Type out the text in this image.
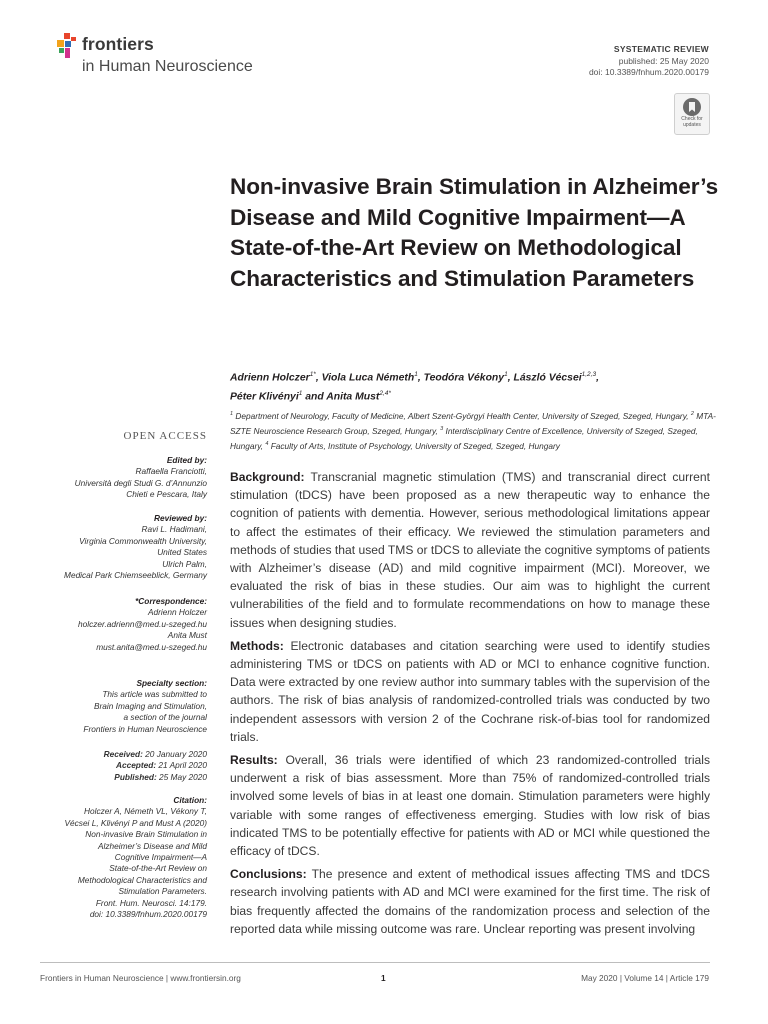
frontiers
in Human Neuroscience
SYSTEMATIC REVIEW
published: 25 May 2020
doi: 10.3389/fnhum.2020.00179
Check for
updates
Non-invasive Brain Stimulation in Alzheimer’s Disease and Mild Cognitive Impairment—A State-of-the-Art Review on Methodological Characteristics and Stimulation Parameters
Adrienn Holczer$^{1*}$, Viola Luca Németh$^1$, Teodóra Vékony$^1$, László Vécsei$^{1,2,3}$,
Péter Klivényi$^1$ and Anita Must$^{2,4*}$
$^1$ Department of Neurology, Faculty of Medicine, Albert Szent-Györgyi Health Center, University of Szeged, Szeged, Hungary, $^2$ MTA-SZTE Neuroscience Research Group, Szeged, Hungary, $^3$ Interdisciplinary Centre of Excellence, University of Szeged, Szeged, Hungary, $^4$ Faculty of Arts, Institute of Psychology, University of Szeged, Szeged, Hungary
OPEN ACCESS
Edited by:
Raffaella Franciotti,
Università degli Studi G. d’Annunzio
Chieti e Pescara, Italy
Reviewed by:
Ravi L. Hadimani,
Virginia Commonwealth University,
United States
Ulrich Palm,
Medical Park Chiemseeblick, Germany
*Correspondence:
Adrienn Holczer
holczer.adrienn@med.u-szeged.hu
Anita Must
must.anita@med.u-szeged.hu
Specialty section:
This article was submitted to
Brain Imaging and Stimulation,
a section of the journal
Frontiers in Human Neuroscience
Received: 20 January 2020
Accepted: 21 April 2020
Published: 25 May 2020
Citation:
Holczer A, Németh VL, Vékony T,
Vécsei L, Klivényi P and Must A (2020)
Non-invasive Brain Stimulation in
Alzheimer’s Disease and Mild
Cognitive Impairment—A
State-of-the-Art Review on
Methodological Characteristics and
Stimulation Parameters.
Front. Hum. Neurosci. 14:179.
doi: 10.3389/fnhum.2020.00179

Background: Transcranial magnetic stimulation (TMS) and transcranial direct current stimulation (tDCS) have been proposed as a new therapeutic way to enhance the cognition of patients with dementia. However, serious methodological limitations appear to affect the estimates of their efficacy. We reviewed the stimulation parameters and methods of studies that used TMS or tDCS to alleviate the cognitive symptoms of patients with Alzheimer’s disease (AD) and mild cognitive impairment (MCI). Moreover, we evaluated the risk of bias in these studies. Our aim was to highlight the current vulnerabilities of the field and to formulate recommendations on how to manage these issues when designing studies.

Methods: Electronic databases and citation searching were used to identify studies administering TMS or tDCS on patients with AD or MCI to enhance cognitive function. Data were extracted by one review author into summary tables with the supervision of the authors. The risk of bias analysis of randomized-controlled trials was conducted by two independent assessors with version 2 of the Cochrane risk-of-bias tool for randomized trials.

Results: Overall, 36 trials were identified of which 23 randomized-controlled trials underwent a risk of bias assessment. More than 75% of randomized-controlled trials involved some levels of bias in at least one domain. Stimulation parameters were highly variable with some ranges of effectiveness emerging. Studies with low risk of bias indicated TMS to be potentially effective for patients with AD or MCI while questioned the efficacy of tDCS.

Conclusions: The presence and extent of methodical issues affecting TMS and tDCS research involving patients with AD and MCI were examined for the first time. The risk of bias frequently affected the domains of the randomization process and selection of the reported data while missing outcome was rare. Unclear reporting was present involving

Frontiers in Human Neuroscience | www.frontiersin.org	1	May 2020 | Volume 14 | Article 179
